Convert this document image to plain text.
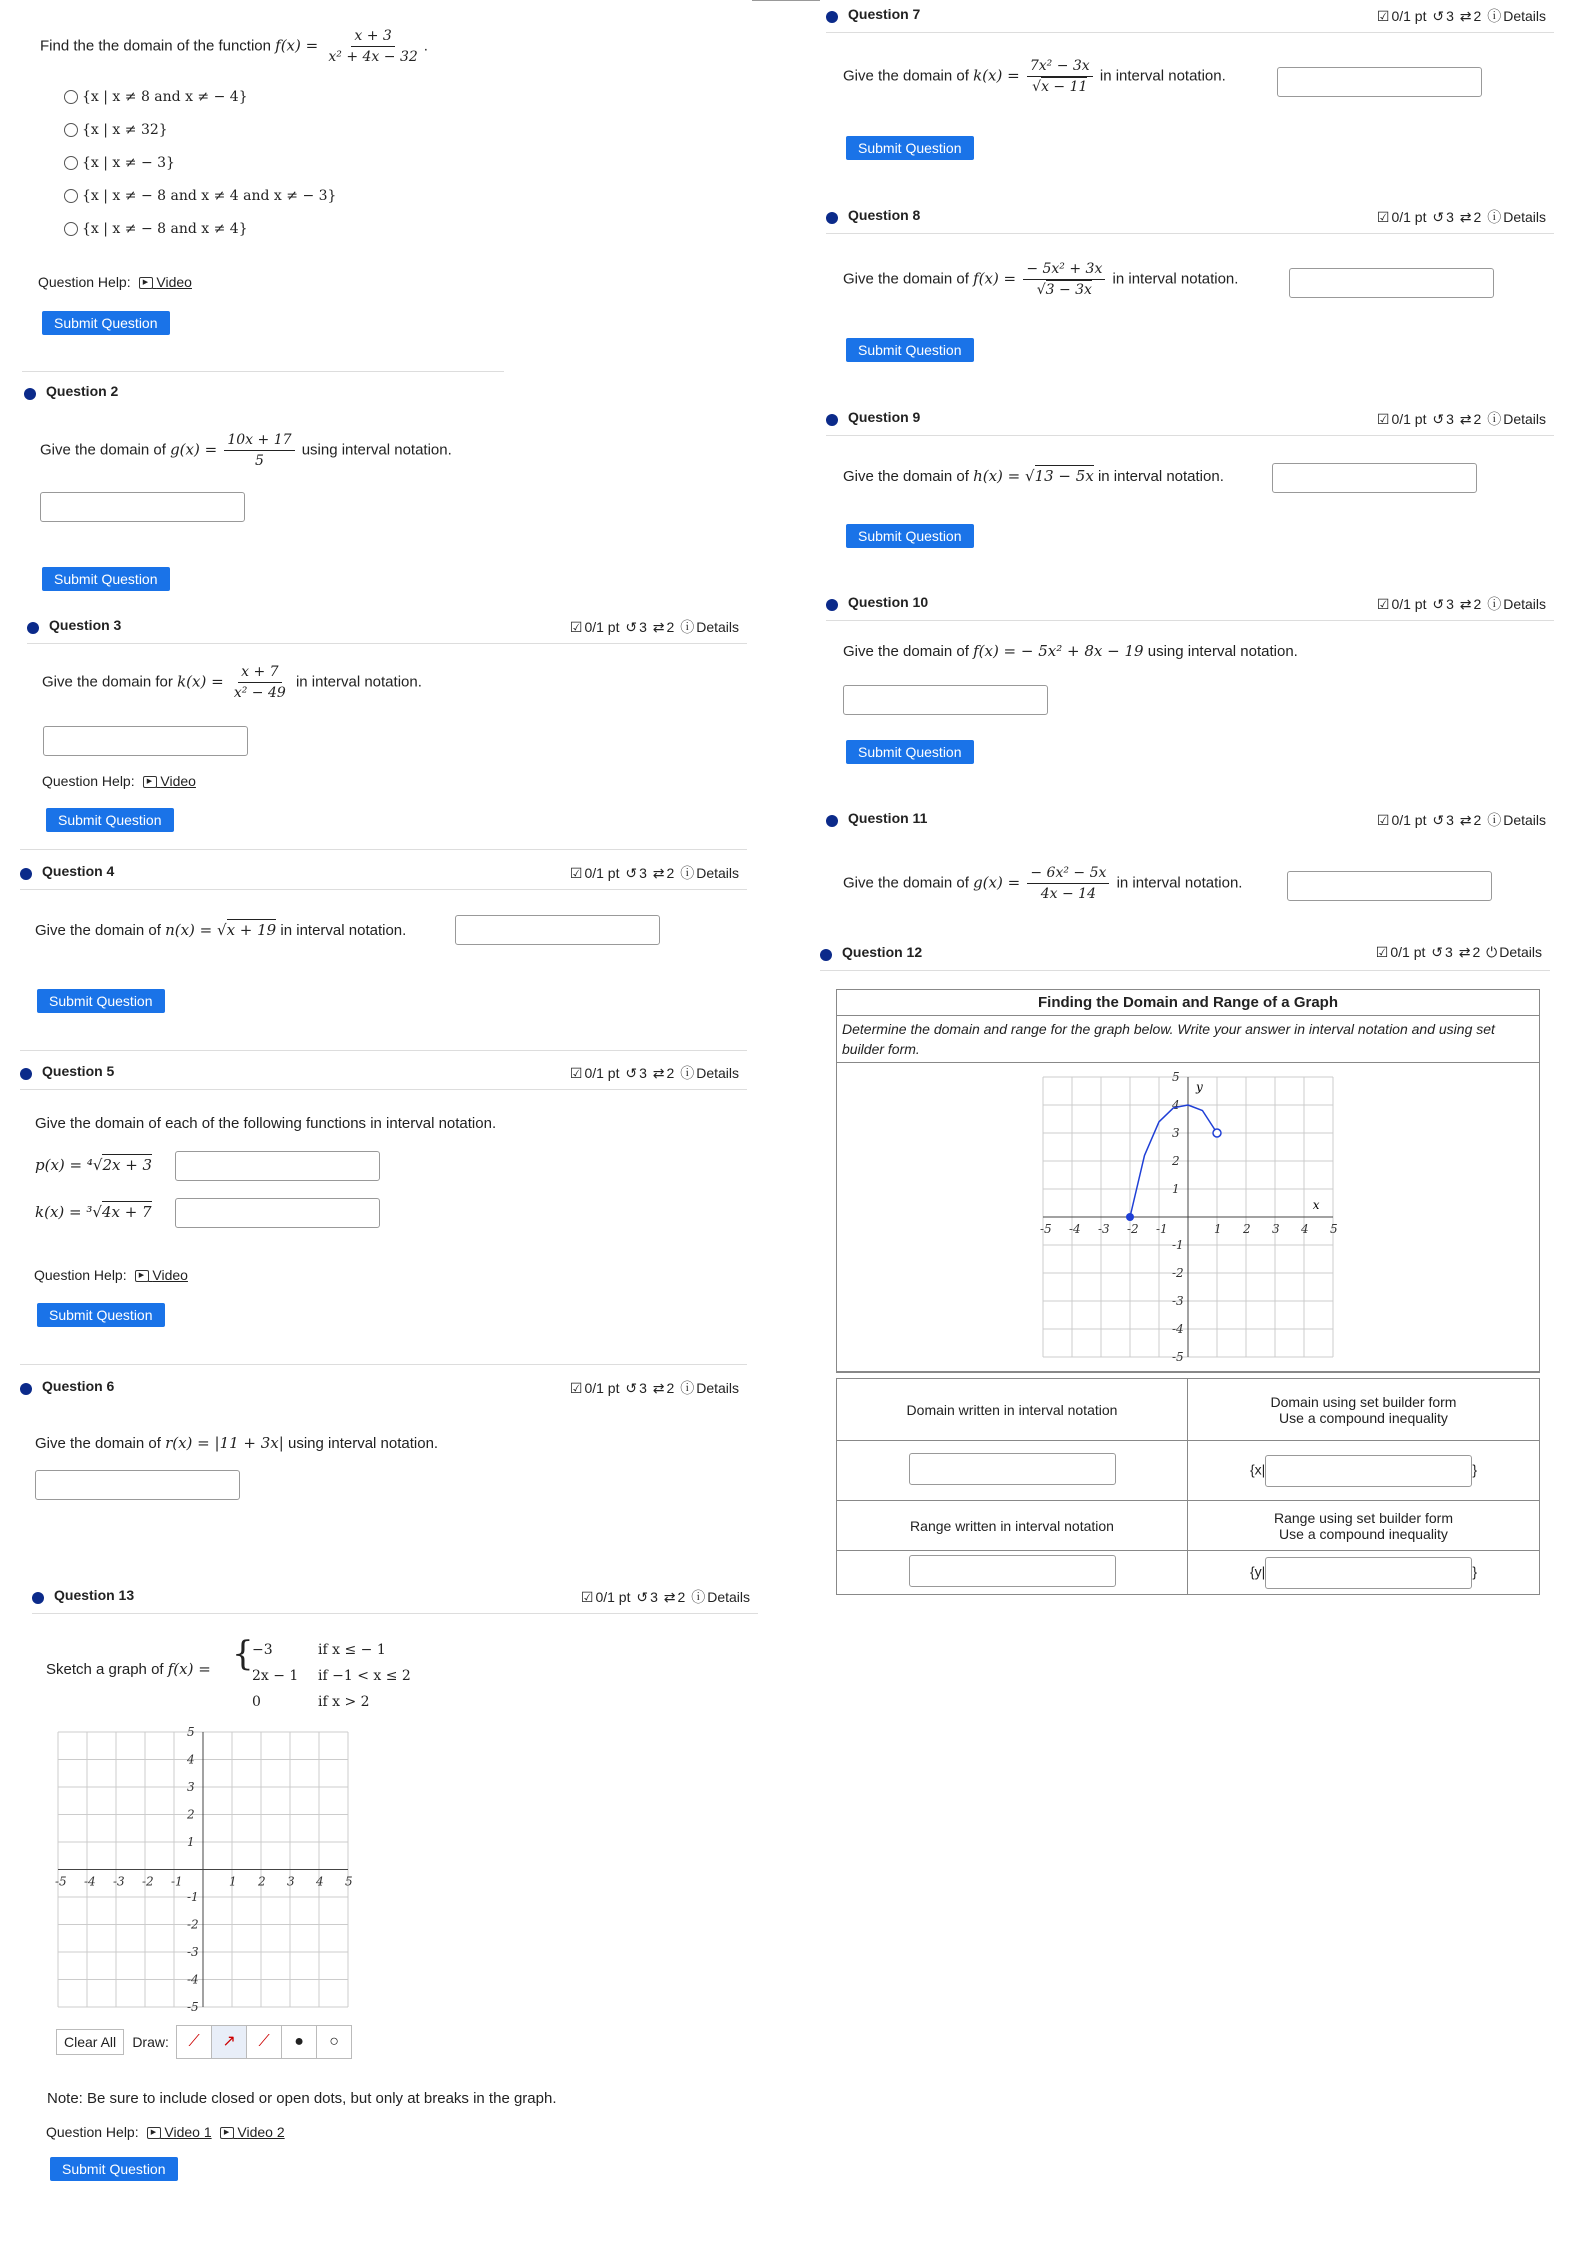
Find the the domain of the function $f(x) = \frac{x + 3}{\text{x² + 4x − 32}}$ .
{x | x ≠ 8 and x ≠ − 4}
{x | x ≠ 32}
{x | x ≠ − 3}
{x | x ≠ − 8 and x ≠ 4 and x ≠ − 3}
{x | x ≠ − 8 and x ≠ 4}
Question Help: ▶ Video
Submit Question
Question 2
Give the domain of $g(x) = \frac{10x + 17}{5}$ using interval notation.
Submit Question
Question 3	☑ 0/1 pt ↺ 3 ⇄ 2 ⓘ Details
Give the domain for $k(x) = \frac{x + 7}{\text{x² − 49}}$ in interval notation.
Question Help: ▶ Video
Submit Question
Question 4	☑ 0/1 pt ↺ 3 ⇄ 2 ⓘ Details
Give the domain of n(x) = √x + 19 in interval notation.
Submit Question
Question 5	☑ 0/1 pt ↺ 3 ⇄ 2 ⓘ Details
Give the domain of each of the following functions in interval notation.
p(x) = ⁴√2x + 3
k(x) = ³√4x + 7
Question Help: ▶ Video
Submit Question
Question 6	☑ 0/1 pt ↺ 3 ⇄ 2 ⓘ Details
Give the domain of r(x) = |11 + 3x| using interval notation.
Question 13	☑ 0/1 pt ↺ 3 ⇄ 2 ⓘ Details
Sketch a graph of f(x) = {
−3	if x ≤ − 1
2x − 1 if −1 < x ≤ 2
0	if x > 2
-5
-5
-4
-4
-3
-3
-2
-2
-1
-1
1
1
2
2
3
3
4
4
5
5
Clear All Draw: ⟋ ↗ ⟋ ● ○
Note: Be sure to include closed or open dots, but only at breaks in the graph.
Question Help: ▶ Video 1 ▶ Video 2
Submit Question
Question 7	☑ 0/1 pt ↺ 3 ⇄ 2 ⓘ Details
Give the domain of $k(x) = \frac{\text{7x² − 3x}}{√x - 11}$ in interval notation.
Submit Question
Question 8	☑ 0/1 pt ↺ 3 ⇄ 2 ⓘ Details
Give the domain of $f(x) = \frac{\text{− 5x² + 3x}}{√3 - 3x}$ in interval notation.
Submit Question
Question 9	☑ 0/1 pt ↺ 3 ⇄ 2 ⓘ Details
Give the domain of h(x) = √13 − 5x in interval notation.
Submit Question
Question 10	☑ 0/1 pt ↺ 3 ⇄ 2 ⓘ Details
Give the domain of f(x) = − 5x² + 8x − 19 using interval notation.
Submit Question
Question 11	☑ 0/1 pt ↺ 3 ⇄ 2 ⓘ Details
Give the domain of $g(x) = \frac{\text{− 6x² − 5x}}{4x - 14}$ in interval notation.
Question 12	☑ 0/1 pt ↺ 3 ⇄ 2 ⏻ Details
Finding the Domain and Range of a Graph
Determine the domain and range for the graph below. Write your answer in interval notation and using set builder form.
-5
-5
-4
-4
-3
-3
-2
-2
-1
-1
1
1
2
2
3
3
4
4
5
5
x
y
Domain written in interval notation	Domain using set builder form
Use a compound inequality

	{x| }
Range written in interval notation	Range using set builder form
Use a compound inequality

	{y| }
